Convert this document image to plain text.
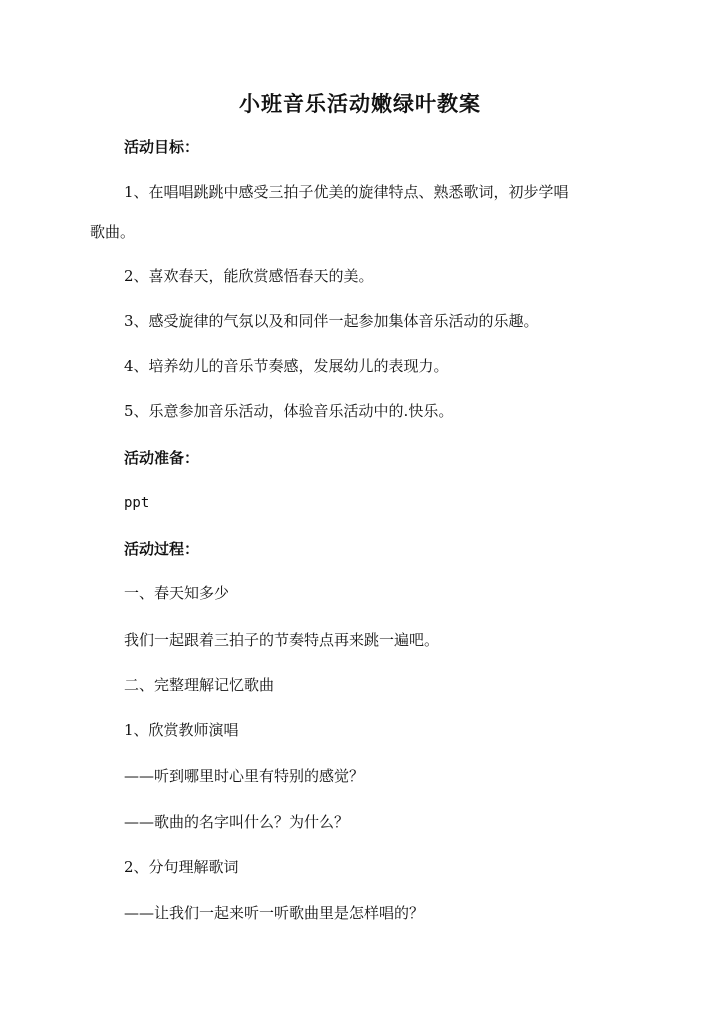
小班音乐活动嫩绿叶教案

活动目标：

1、在唱唱跳跳中感受三拍子优美的旋律特点、熟悉歌词，初步学唱

歌曲。

2、喜欢春天，能欣赏感悟春天的美。

3、感受旋律的气氛以及和同伴一起参加集体音乐活动的乐趣。

4、培养幼儿的音乐节奏感，发展幼儿的表现力。

5、乐意参加音乐活动，体验音乐活动中的.快乐。

活动准备：

ppt

活动过程：

一、春天知多少

我们一起跟着三拍子的节奏特点再来跳一遍吧。

二、完整理解记忆歌曲

1、欣赏教师演唱

——听到哪里时心里有特别的感觉？

——歌曲的名字叫什么？为什么？

2、分句理解歌词

——让我们一起来听一听歌曲里是怎样唱的？
